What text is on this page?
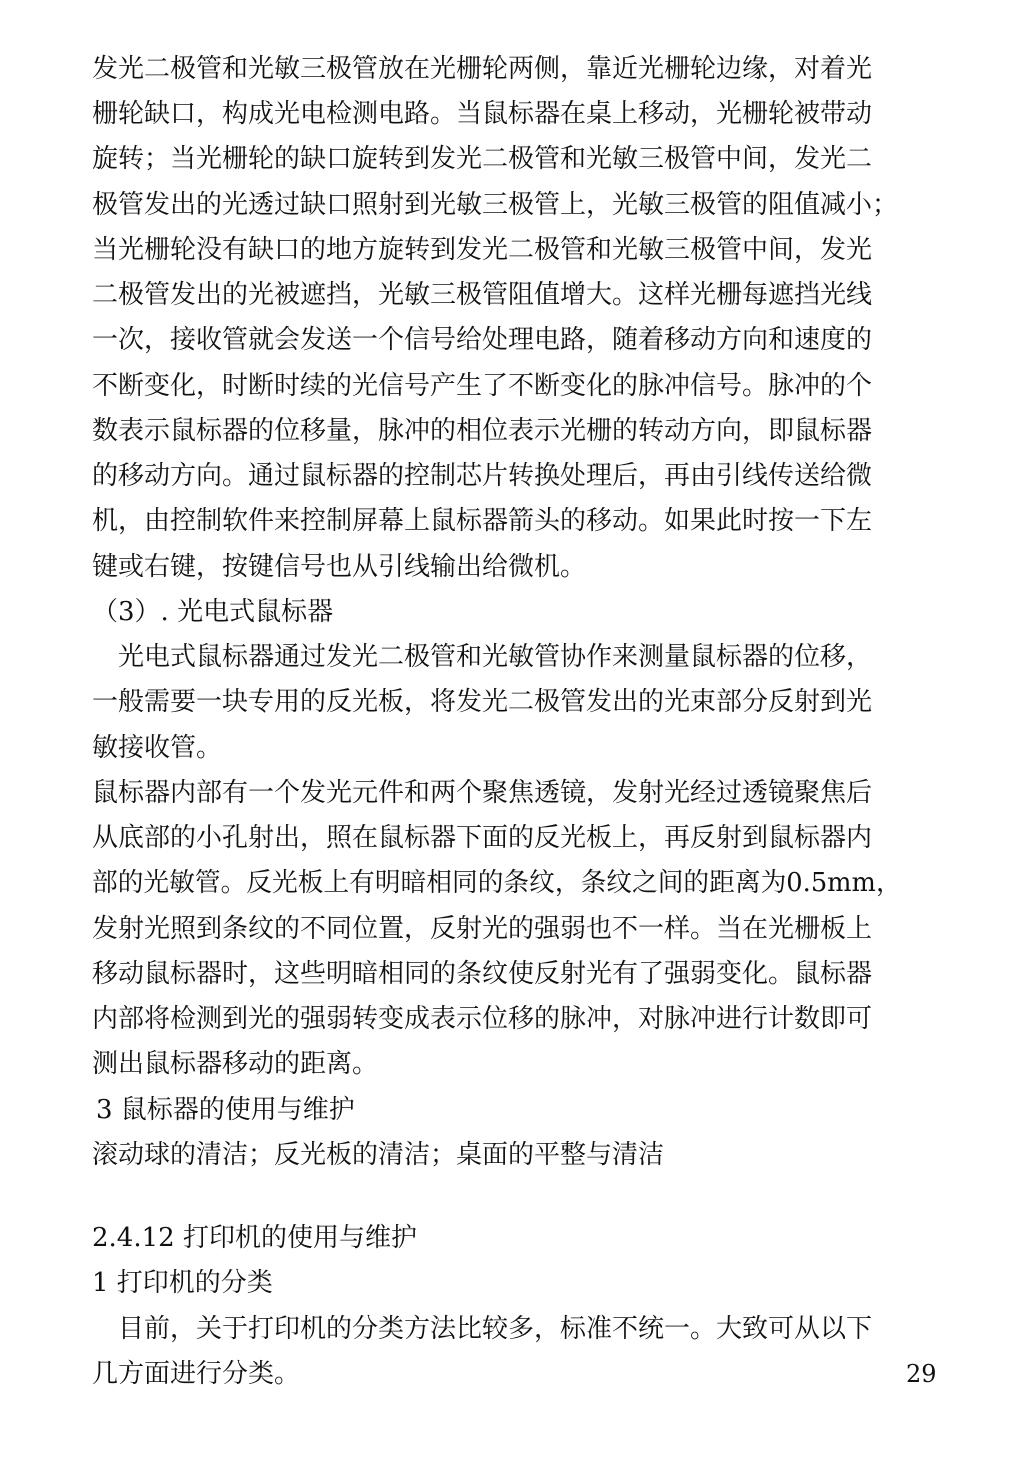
发光二极管和光敏三极管放在光栅轮两侧，靠近光栅轮边缘，对着光
栅轮缺口，构成光电检测电路。当鼠标器在桌上移动，光栅轮被带动
旋转；当光栅轮的缺口旋转到发光二极管和光敏三极管中间，发光二
极管发出的光透过缺口照射到光敏三极管上，光敏三极管的阻值减小；
当光栅轮没有缺口的地方旋转到发光二极管和光敏三极管中间，发光
二极管发出的光被遮挡，光敏三极管阻值增大。这样光栅每遮挡光线
一次，接收管就会发送一个信号给处理电路，随着移动方向和速度的
不断变化，时断时续的光信号产生了不断变化的脉冲信号。脉冲的个
数表示鼠标器的位移量，脉冲的相位表示光栅的转动方向，即鼠标器
的移动方向。通过鼠标器的控制芯片转换处理后，再由引线传送给微
机，由控制软件来控制屏幕上鼠标器箭头的移动。如果此时按一下左
键或右键，按键信号也从引线输出给微机。
（3）. 光电式鼠标器
光电式鼠标器通过发光二极管和光敏管协作来测量鼠标器的位移，
一般需要一块专用的反光板，将发光二极管发出的光束部分反射到光
敏接收管。
鼠标器内部有一个发光元件和两个聚焦透镜，发射光经过透镜聚焦后
从底部的小孔射出，照在鼠标器下面的反光板上，再反射到鼠标器内
部的光敏管。反光板上有明暗相同的条纹，条纹之间的距离为0.5mm，
发射光照到条纹的不同位置，反射光的强弱也不一样。当在光栅板上
移动鼠标器时，这些明暗相同的条纹使反射光有了强弱变化。鼠标器
内部将检测到光的强弱转变成表示位移的脉冲，对脉冲进行计数即可
测出鼠标器移动的距离。
3 鼠标器的使用与维护
滚动球的清洁；反光板的清洁；桌面的平整与清洁
2.4.12 打印机的使用与维护
1 打印机的分类
目前，关于打印机的分类方法比较多，标准不统一。大致可从以下
几方面进行分类。	29
